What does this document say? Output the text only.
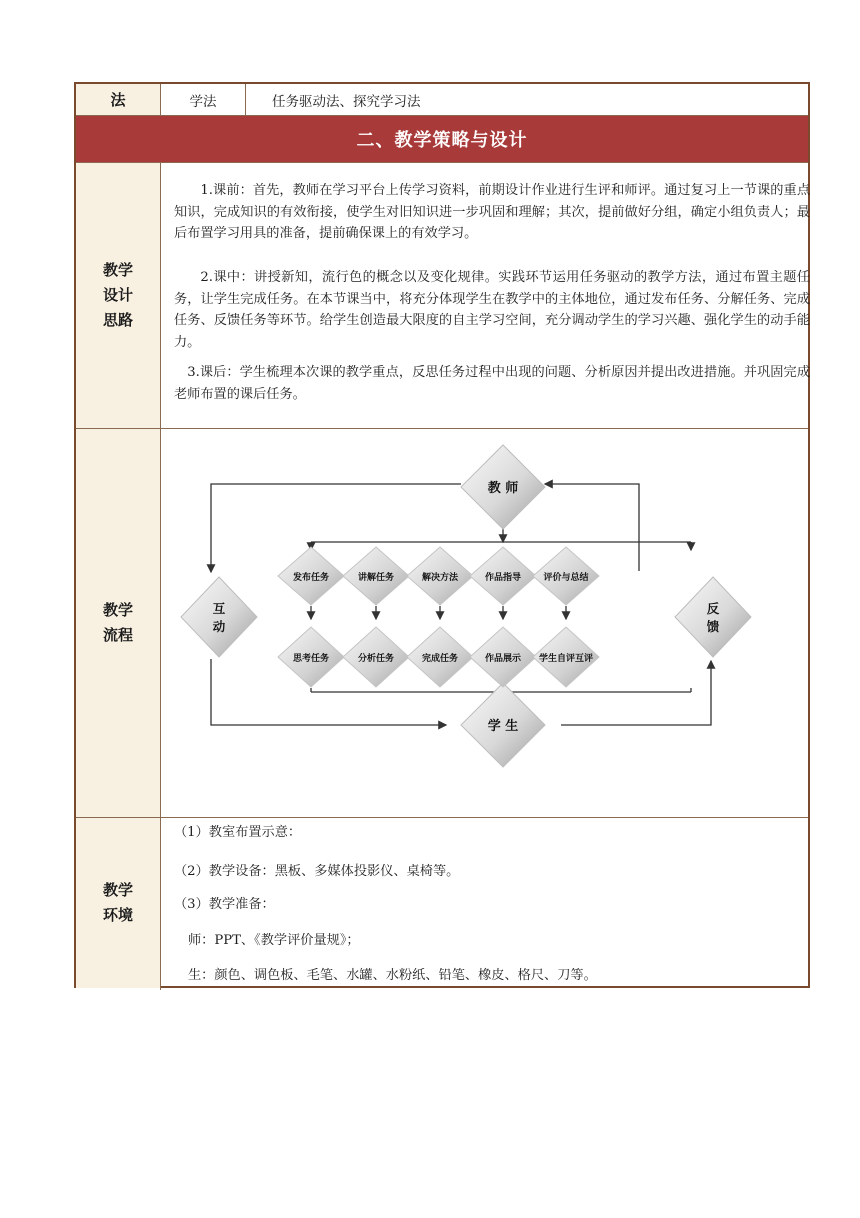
法	学法	任务驱动法、探究学习法
二、教学策略与设计
教学
设计
思路
1.课前：首先，教师在学习平台上传学习资料，前期设计作业进行生评和师评。通过复习上一节课的重点知识，完成知识的有效衔接，使学生对旧知识进一步巩固和理解；其次，提前做好分组，确定小组负责人；最后布置学习用具的准备，提前确保课上的有效学习。
2.课中：讲授新知，流行色的概念以及变化规律。实践环节运用任务驱动的教学方法，通过布置主题任务，让学生完成任务。在本节课当中，将充分体现学生在教学中的主体地位，通过发布任务、分解任务、完成任务、反馈任务等环节。给学生创造最大限度的自主学习空间，充分调动学生的学习兴趣、强化学生的动手能力。
3.课后：学生梳理本次课的教学重点，反思任务过程中出现的问题、分析原因并提出改进措施。并巩固完成老师布置的课后任务。
教学
流程
教 师
学 生
互
动
反
馈
发布任务	讲解任务	解决方法	作品指导 评价与总结
思考任务	分析任务	完成任务	作品展示 学生自评互评
教学
环境
（1）教室布置示意：
（2）教学设备：黑板、多媒体投影仪、桌椅等。
（3）教学准备：
师：PPT、《教学评价量规》；
生：颜色、调色板、毛笔、水罐、水粉纸、铅笔、橡皮、格尺、刀等。
